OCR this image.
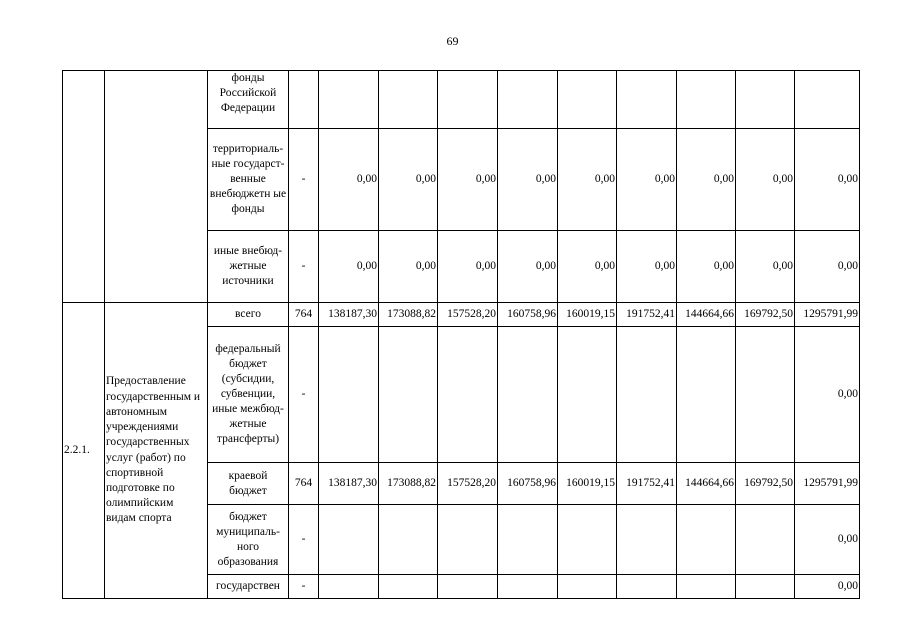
69
		фонды Российской Федерации										
		территориаль-ные государст-венные внебюджетн ые фонды	-	0,00	0,00	0,00	0,00	0,00	0,00	0,00	0,00	0,00
		иные внебюд-жетные источники	-	0,00	0,00	0,00	0,00	0,00	0,00	0,00	0,00	0,00
2.2.1.	Предоставление государственным и автономным учреждениями государственных услуг (работ) по спортивной подготовке по олимпийским видам спорта	всего	764	138187,30	173088,82	157528,20	160758,96	160019,15	191752,41	144664,66	169792,50	1295791,99
		федеральный бюджет (субсидии, субвенции, иные межбюд-жетные трансферты)	-									0,00
		краевой бюджет	764	138187,30	173088,82	157528,20	160758,96	160019,15	191752,41	144664,66	169792,50	1295791,99
		бюджет муниципаль-ного образования	-									0,00
		государствен	-									0,00
